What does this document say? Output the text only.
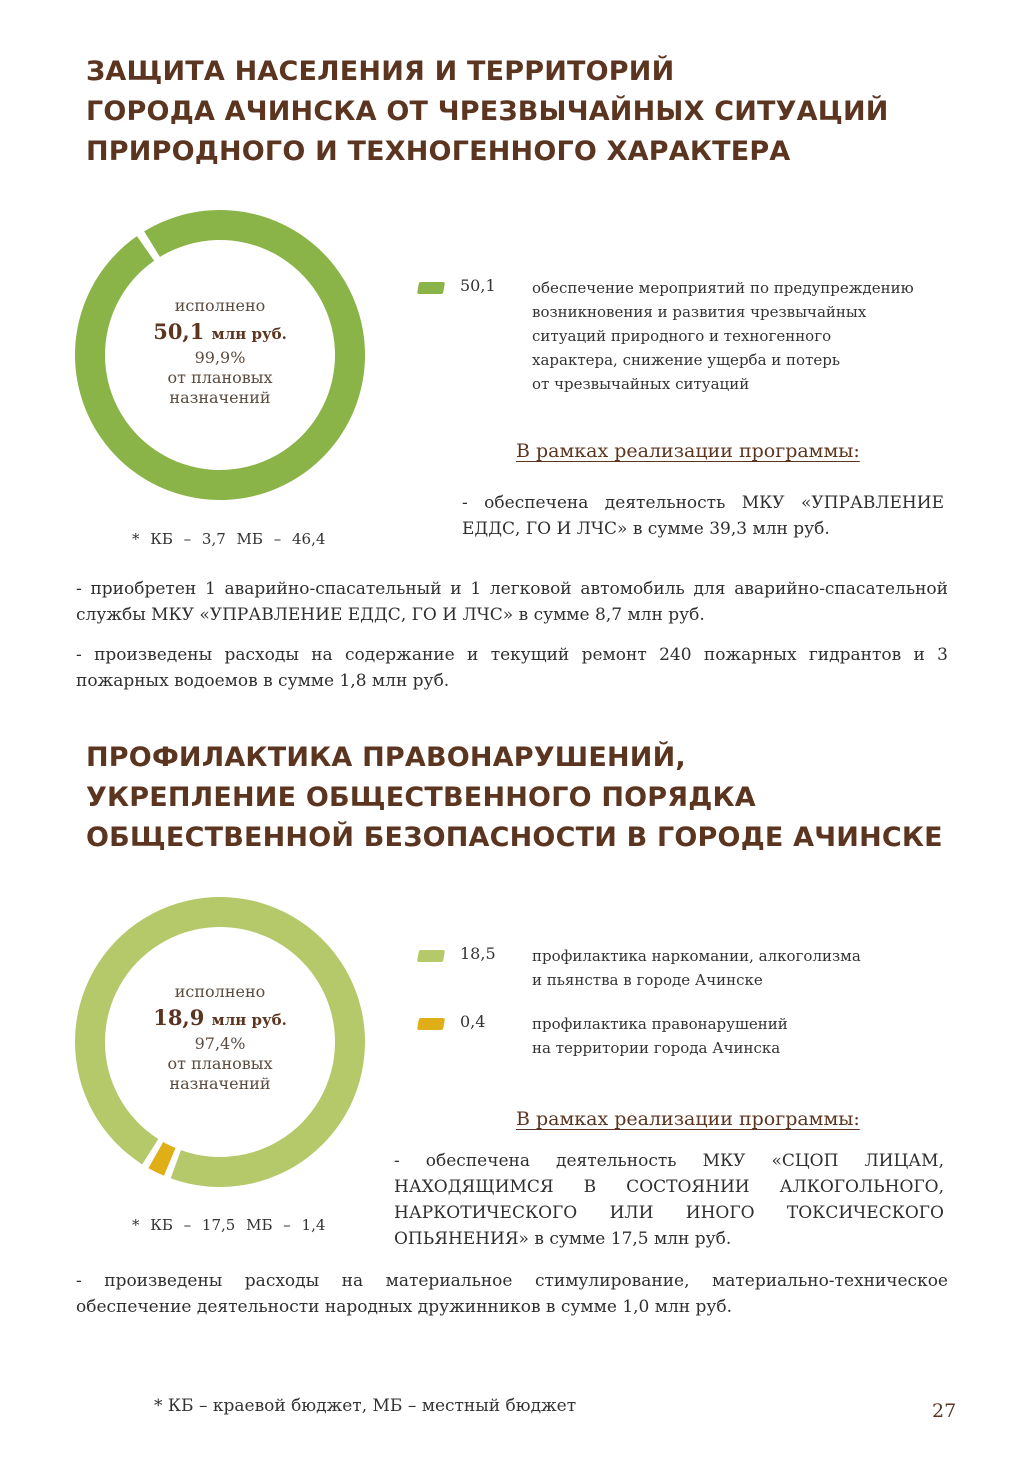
ЗАЩИТА НАСЕЛЕНИЯ И ТЕРРИТОРИЙ
ГОРОДА АЧИНСКА ОТ ЧРЕЗВЫЧАЙНЫХ СИТУАЦИЙ
ПРИРОДНОГО И ТЕХНОГЕННОГО ХАРАКТЕРА
исполнено
50,1 млн руб.
99,9%
от плановых
назначений
50,1	обеспечение мероприятий по предупреждению
возникновения и развития чрезвычайных
ситуаций природного и техногенного
характера, снижение ущерба и потерь
от чрезвычайных ситуаций
В рамках реализации программы:

- обеспечена деятельность МКУ «УПРАВЛЕНИЕ ЕДДС, ГО И ЛЧС» в сумме 39,3 млн руб.

* КБ – 3,7 МБ – 46,4

- приобретен 1 аварийно-спасательный и 1 легковой автомобиль для аварийно-спасательной службы МКУ «УПРАВЛЕНИЕ ЕДДС, ГО И ЛЧС» в сумме 8,7 млн руб.

- произведены расходы на содержание и текущий ремонт 240 пожарных гидрантов и 3 пожарных водоемов в сумме 1,8 млн руб.

ПРОФИЛАКТИКА ПРАВОНАРУШЕНИЙ,
УКРЕПЛЕНИЕ ОБЩЕСТВЕННОГО ПОРЯДКА
ОБЩЕСТВЕННОЙ БЕЗОПАСНОСТИ В ГОРОДЕ АЧИНСКЕ
исполнено
18,9 млн руб.
97,4%
от плановых
назначений
18,5	профилактика наркомании, алкоголизма
и пьянства в городе Ачинске
0,4	профилактика правонарушений
на территории города Ачинска
В рамках реализации программы:

- обеспечена деятельность МКУ «СЦОП ЛИЦАМ, НАХОДЯЩИМСЯ В СОСТОЯНИИ АЛКОГОЛЬНОГО, НАРКОТИЧЕСКОГО ИЛИ ИНОГО ТОКСИЧЕСКОГО ОПЬЯНЕНИЯ» в сумме 17,5 млн руб.

* КБ – 17,5 МБ – 1,4

- произведены расходы на материальное стимулирование, материально-техническое обеспечение деятельности народных дружинников в сумме 1,0 млн руб.

* КБ – краевой бюджет, МБ – местный бюджет	27
